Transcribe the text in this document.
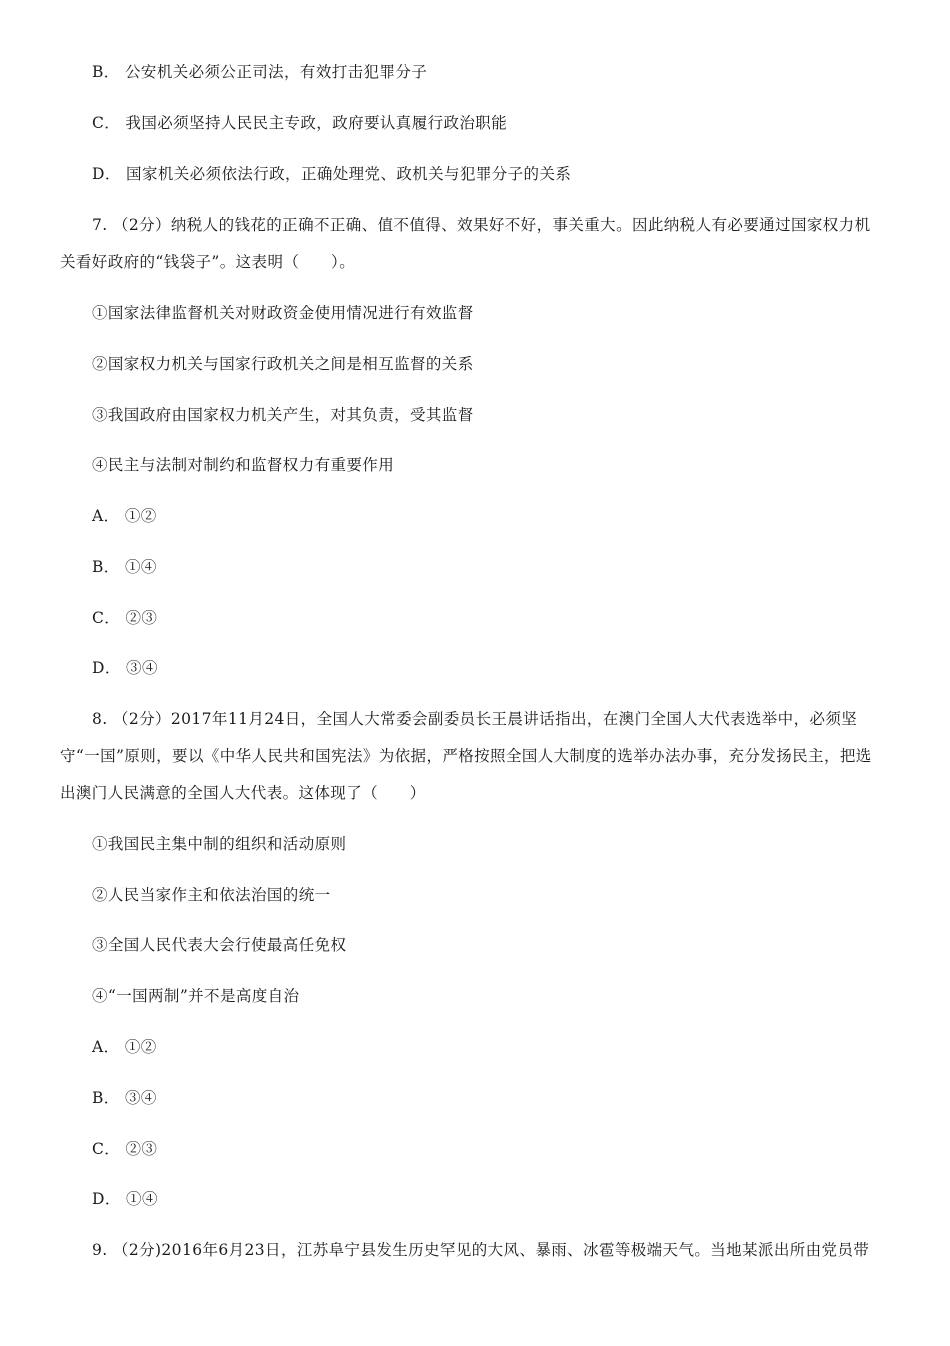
B． 公安机关必须公正司法，有效打击犯罪分子
C． 我国必须坚持人民民主专政，政府要认真履行政治职能
D． 国家机关必须依法行政，正确处理党、政机关与犯罪分子的关系
7. （2分）纳税人的钱花的正确不正确、值不值得、效果好不好，事关重大。因此纳税人有必要通过国家权力机
关看好政府的“钱袋子”。这表明（　　）。
①国家法律监督机关对财政资金使用情况进行有效监督
②国家权力机关与国家行政机关之间是相互监督的关系
③我国政府由国家权力机关产生，对其负责，受其监督
④民主与法制对制约和监督权力有重要作用
A． ①②
B． ①④
C． ②③
D． ③④
8. （2分）2017年11月24日，全国人大常委会副委员长王晨讲话指出，在澳门全国人大代表选举中，必须坚
守“一国”原则，要以《中华人民共和国宪法》为依据，严格按照全国人大制度的选举办法办事，充分发扬民主，把选
出澳门人民满意的全国人大代表。这体现了（　　）
①我国民主集中制的组织和活动原则
②人民当家作主和依法治国的统一
③全国人民代表大会行使最高任免权
④“一国两制”并不是高度自治
A． ①②
B． ③④
C． ②③
D． ①④
9. （2分)2016年6月23日，江苏阜宁县发生历史罕见的大风、暴雨、冰雹等极端天气。当地某派出所由党员带
